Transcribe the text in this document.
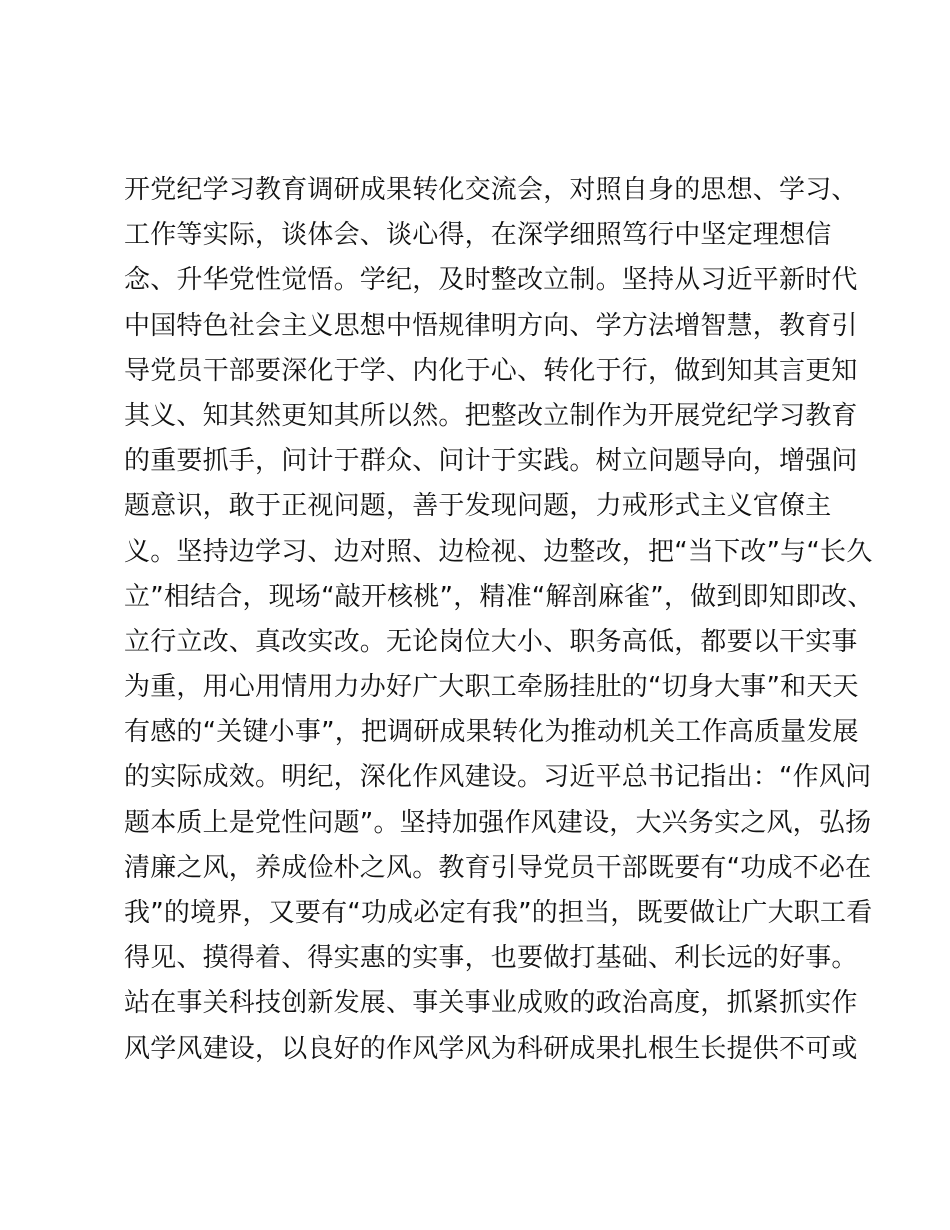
开党纪学习教育调研成果转化交流会，对照自身的思想、学习、
工作等实际，谈体会、谈心得，在深学细照笃行中坚定理想信
念、升华党性觉悟。学纪，及时整改立制。坚持从习近平新时代
中国特色社会主义思想中悟规律明方向、学方法增智慧，教育引
导党员干部要深化于学、内化于心、转化于行，做到知其言更知
其义、知其然更知其所以然。把整改立制作为开展党纪学习教育
的重要抓手，问计于群众、问计于实践。树立问题导向，增强问
题意识，敢于正视问题，善于发现问题，力戒形式主义官僚主
义。坚持边学习、边对照、边检视、边整改，把“当下改”与“长久
立”相结合，现场“敲开核桃”，精准“解剖麻雀”，做到即知即改、
立行立改、真改实改。无论岗位大小、职务高低，都要以干实事
为重，用心用情用力办好广大职工牵肠挂肚的“切身大事”和天天
有感的“关键小事”，把调研成果转化为推动机关工作高质量发展
的实际成效。明纪，深化作风建设。习近平总书记指出：“作风问
题本质上是党性问题”。坚持加强作风建设，大兴务实之风，弘扬
清廉之风，养成俭朴之风。教育引导党员干部既要有“功成不必在
我”的境界，又要有“功成必定有我”的担当，既要做让广大职工看
得见、摸得着、得实惠的实事，也要做打基础、利长远的好事。
站在事关科技创新发展、事关事业成败的政治高度，抓紧抓实作
风学风建设，以良好的作风学风为科研成果扎根生长提供不可或
